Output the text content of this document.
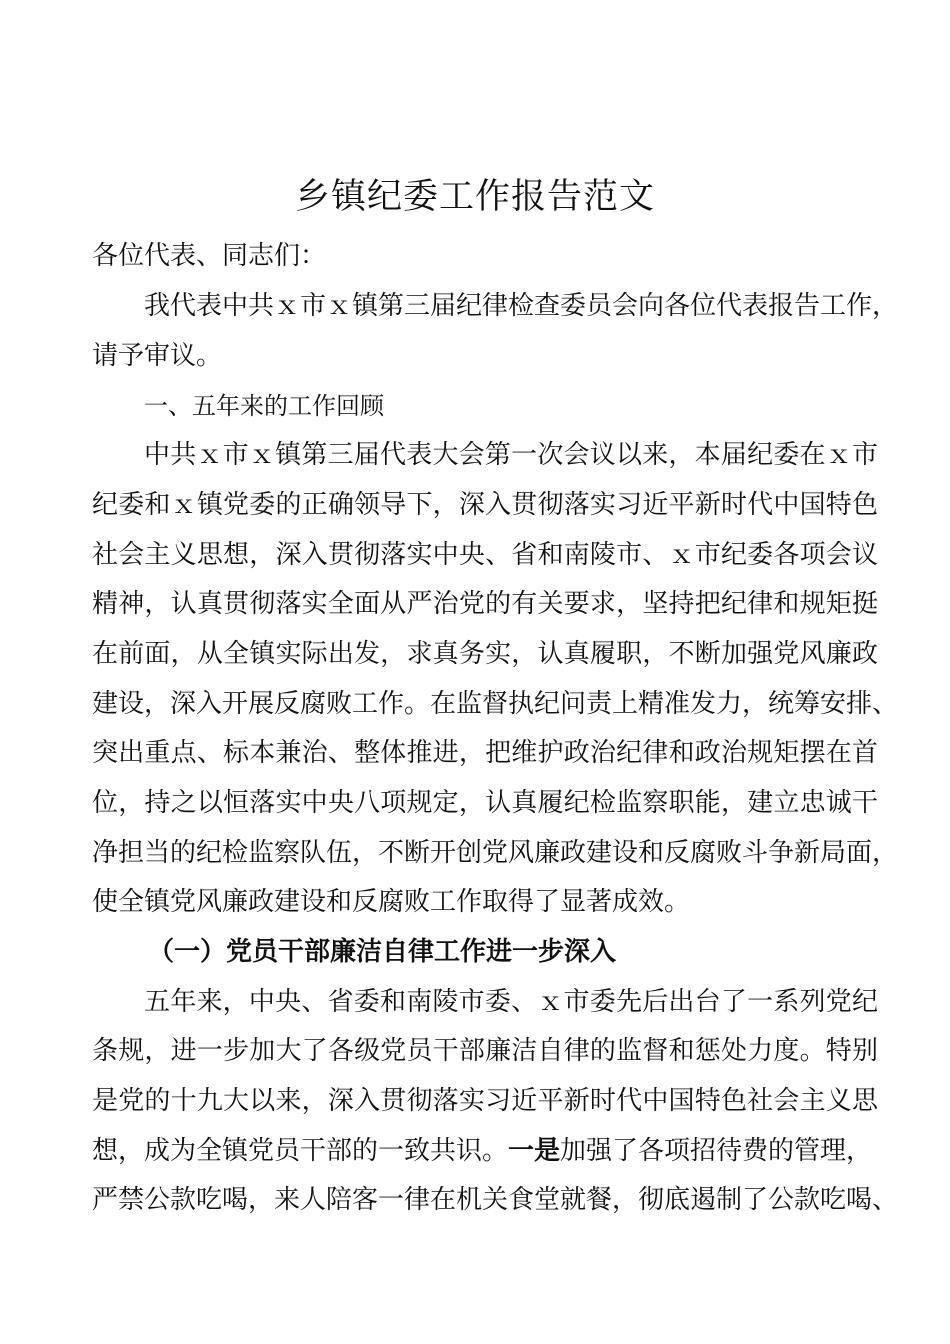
乡镇纪委工作报告范文
各位代表、同志们：
我代表中共ｘ市ｘ镇第三届纪律检查委员会向各位代表报告工作，
请予审议。
一、五年来的工作回顾
中共ｘ市ｘ镇第三届代表大会第一次会议以来，本届纪委在ｘ市
纪委和ｘ镇党委的正确领导下，深入贯彻落实习近平新时代中国特色
社会主义思想，深入贯彻落实中央、省和南陵市、ｘ市纪委各项会议
精神，认真贯彻落实全面从严治党的有关要求，坚持把纪律和规矩挺
在前面，从全镇实际出发，求真务实，认真履职，不断加强党风廉政
建设，深入开展反腐败工作。在监督执纪问责上精准发力，统筹安排、
突出重点、标本兼治、整体推进，把维护政治纪律和政治规矩摆在首
位，持之以恒落实中央八项规定，认真履纪检监察职能，建立忠诚干
净担当的纪检监察队伍，不断开创党风廉政建设和反腐败斗争新局面，
使全镇党风廉政建设和反腐败工作取得了显著成效。
（一）党员干部廉洁自律工作进一步深入
五年来，中央、省委和南陵市委、ｘ市委先后出台了一系列党纪
条规，进一步加大了各级党员干部廉洁自律的监督和惩处力度。特别
是党的十九大以来，深入贯彻落实习近平新时代中国特色社会主义思
想，成为全镇党员干部的一致共识。一是加强了各项招待费的管理，
严禁公款吃喝，来人陪客一律在机关食堂就餐，彻底遏制了公款吃喝、
